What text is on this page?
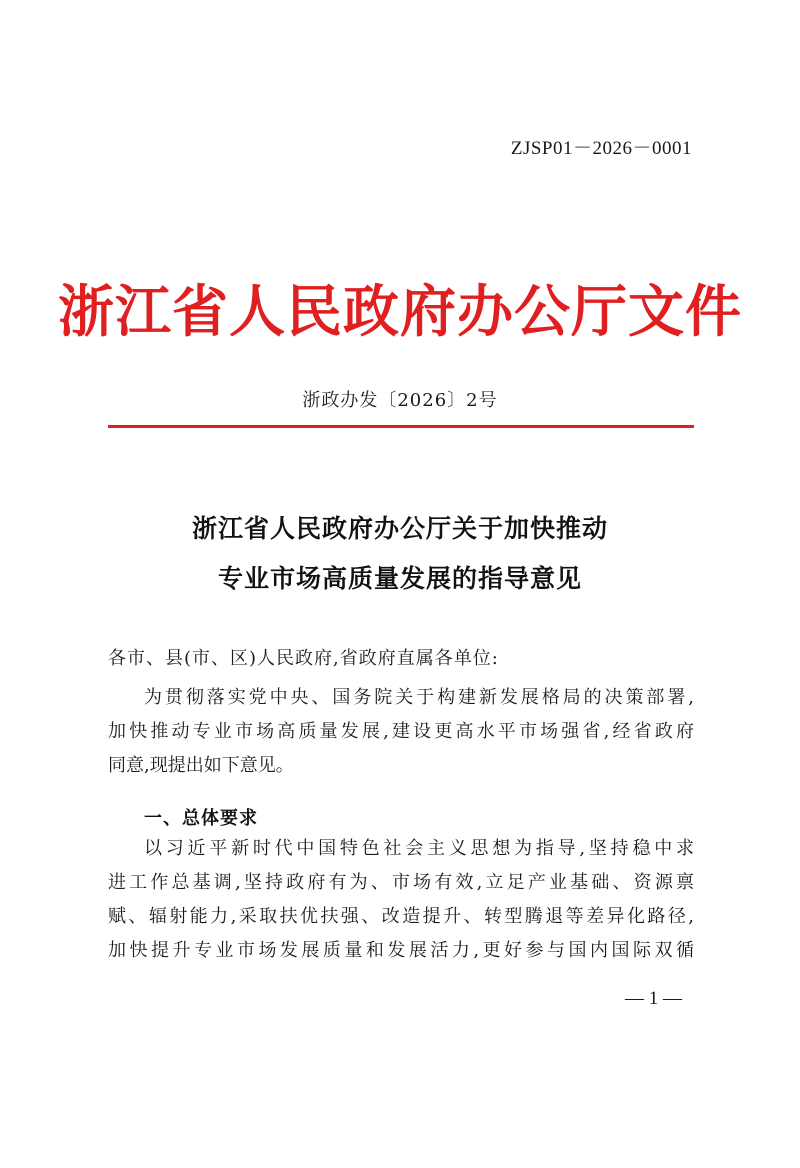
ZJSP01－2026－0001
浙江省人民政府办公厅文件
浙政办发〔2026〕2号
浙江省人民政府办公厅关于加快推动
专业市场高质量发展的指导意见
各市、县(市、区)人民政府,省政府直属各单位:
为贯彻落实党中央、国务院关于构建新发展格局的决策部署,
加快推动专业市场高质量发展,建设更高水平市场强省,经省政府
同意,现提出如下意见。
一、总体要求
以习近平新时代中国特色社会主义思想为指导,坚持稳中求
进工作总基调,坚持政府有为、市场有效,立足产业基础、资源禀
赋、辐射能力,采取扶优扶强、改造提升、转型腾退等差异化路径,
加快提升专业市场发展质量和发展活力,更好参与国内国际双循
— 1 —
